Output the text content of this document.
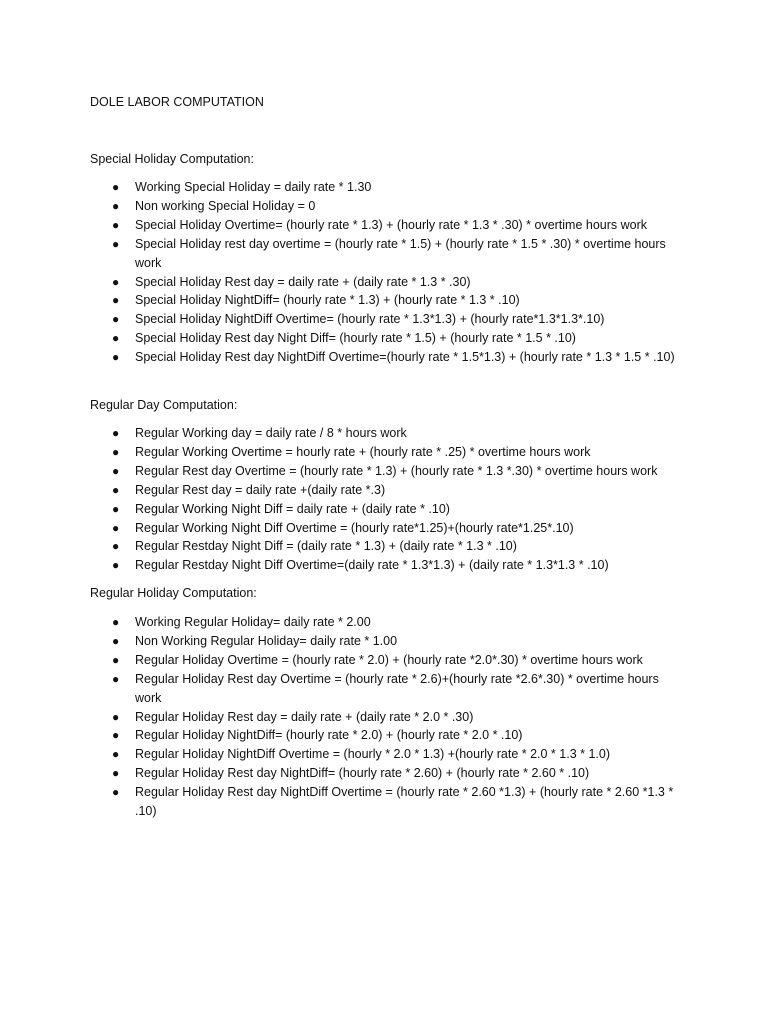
DOLE LABOR COMPUTATION
Special Holiday Computation:
● Working Special Holiday = daily rate * 1.30
● Non working Special Holiday = 0
● Special Holiday Overtime= (hourly rate * 1.3) + (hourly rate * 1.3 * .30) * overtime hours work
● Special Holiday rest day overtime = (hourly rate * 1.5) + (hourly rate * 1.5 * .30) * overtime hours work
● Special Holiday Rest day = daily rate + (daily rate * 1.3 * .30)
● Special Holiday NightDiff= (hourly rate * 1.3) + (hourly rate * 1.3 * .10)
● Special Holiday NightDiff Overtime= (hourly rate * 1.3*1.3) + (hourly rate*1.3*1.3*.10)
● Special Holiday Rest day Night Diff= (hourly rate * 1.5) + (hourly rate * 1.5 * .10)
● Special Holiday Rest day NightDiff Overtime=(hourly rate * 1.5*1.3) + (hourly rate * 1.3 * 1.5 * .10)
Regular Day Computation:
● Regular Working day = daily rate / 8 * hours work
● Regular Working Overtime = hourly rate + (hourly rate * .25) * overtime hours work
● Regular Rest day Overtime = (hourly rate * 1.3) + (hourly rate * 1.3 *.30) * overtime hours work
● Regular Rest day = daily rate +(daily rate *.3)
● Regular Working Night Diff = daily rate + (daily rate * .10)
● Regular Working Night Diff Overtime = (hourly rate*1.25)+(hourly rate*1.25*.10)
● Regular Restday Night Diff = (daily rate * 1.3) + (daily rate * 1.3 * .10)
● Regular Restday Night Diff Overtime=(daily rate * 1.3*1.3) + (daily rate * 1.3*1.3 * .10)
Regular Holiday Computation:
● Working Regular Holiday= daily rate * 2.00
● Non Working Regular Holiday= daily rate * 1.00
● Regular Holiday Overtime = (hourly rate * 2.0) + (hourly rate *2.0*.30) * overtime hours work
● Regular Holiday Rest day Overtime = (hourly rate * 2.6)+(hourly rate *2.6*.30) * overtime hours work
● Regular Holiday Rest day = daily rate + (daily rate * 2.0 * .30)
● Regular Holiday NightDiff= (hourly rate * 2.0) + (hourly rate * 2.0 * .10)
● Regular Holiday NightDiff Overtime = (hourly * 2.0 * 1.3) +(hourly rate * 2.0 * 1.3 * 1.0)
● Regular Holiday Rest day NightDiff= (hourly rate * 2.60) + (hourly rate * 2.60 * .10)
● Regular Holiday Rest day NightDiff Overtime = (hourly rate * 2.60 *1.3) + (hourly rate * 2.60 *1.3 * .10)
